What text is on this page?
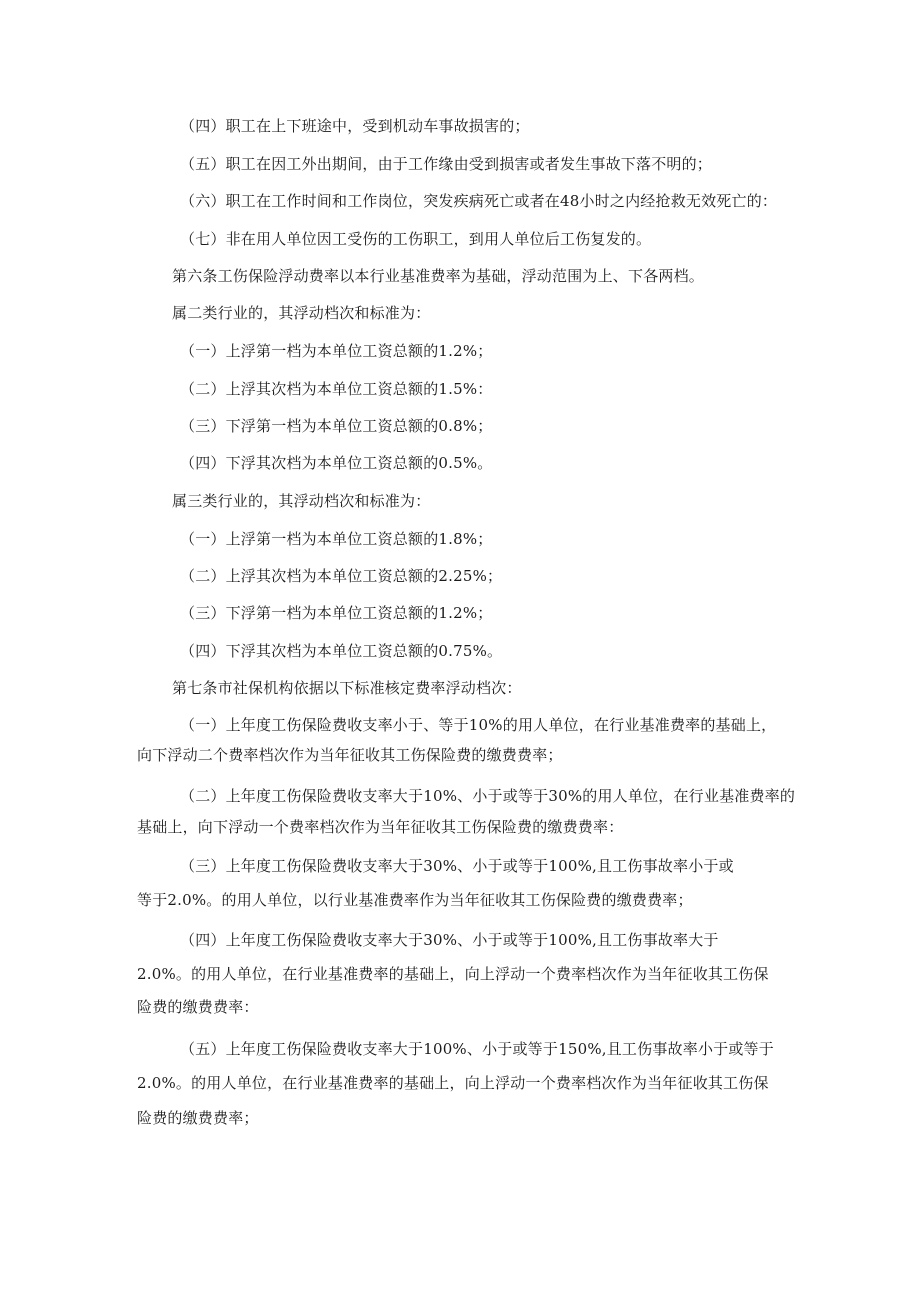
（四）职工在上下班途中，受到机动车事故损害的；
（五）职工在因工外出期间，由于工作缘由受到损害或者发生事故下落不明的；
（六）职工在工作时间和工作岗位，突发疾病死亡或者在48小时之内经抢救无效死亡的：
（七）非在用人单位因工受伤的工伤职工，到用人单位后工伤复发的。
第六条工伤保险浮动费率以本行业基准费率为基础，浮动范围为上、下各两档。
属二类行业的，其浮动档次和标准为：
（一）上浮第一档为本单位工资总额的1.2%；
（二）上浮其次档为本单位工资总额的1.5%：
（三）下浮第一档为本单位工资总额的0.8%；
（四）下浮其次档为本单位工资总额的0.5%。
属三类行业的，其浮动档次和标准为：
（一）上浮第一档为本单位工资总额的1.8%；
（二）上浮其次档为本单位工资总额的2.25%；
（三）下浮第一档为本单位工资总额的1.2%；
（四）下浮其次档为本单位工资总额的0.75%。
第七条市社保机构依据以下标准核定费率浮动档次：
（一）上年度工伤保险费收支率小于、等于10%的用人单位，在行业基准费率的基础上，
向下浮动二个费率档次作为当年征收其工伤保险费的缴费费率；
（二）上年度工伤保险费收支率大于10%、小于或等于30%的用人单位，在行业基准费率的
基础上，向下浮动一个费率档次作为当年征收其工伤保险费的缴费费率：
（三）上年度工伤保险费收支率大于30%、小于或等于100%,且工伤事故率小于或
等于2.0%。的用人单位，以行业基准费率作为当年征收其工伤保险费的缴费费率；
（四）上年度工伤保险费收支率大于30%、小于或等于100%,且工伤事故率大于
2.0%。的用人单位，在行业基准费率的基础上，向上浮动一个费率档次作为当年征收其工伤保
险费的缴费费率：
（五）上年度工伤保险费收支率大于100%、小于或等于150%,且工伤事故率小于或等于
2.0%。的用人单位，在行业基准费率的基础上，向上浮动一个费率档次作为当年征收其工伤保
险费的缴费费率；
